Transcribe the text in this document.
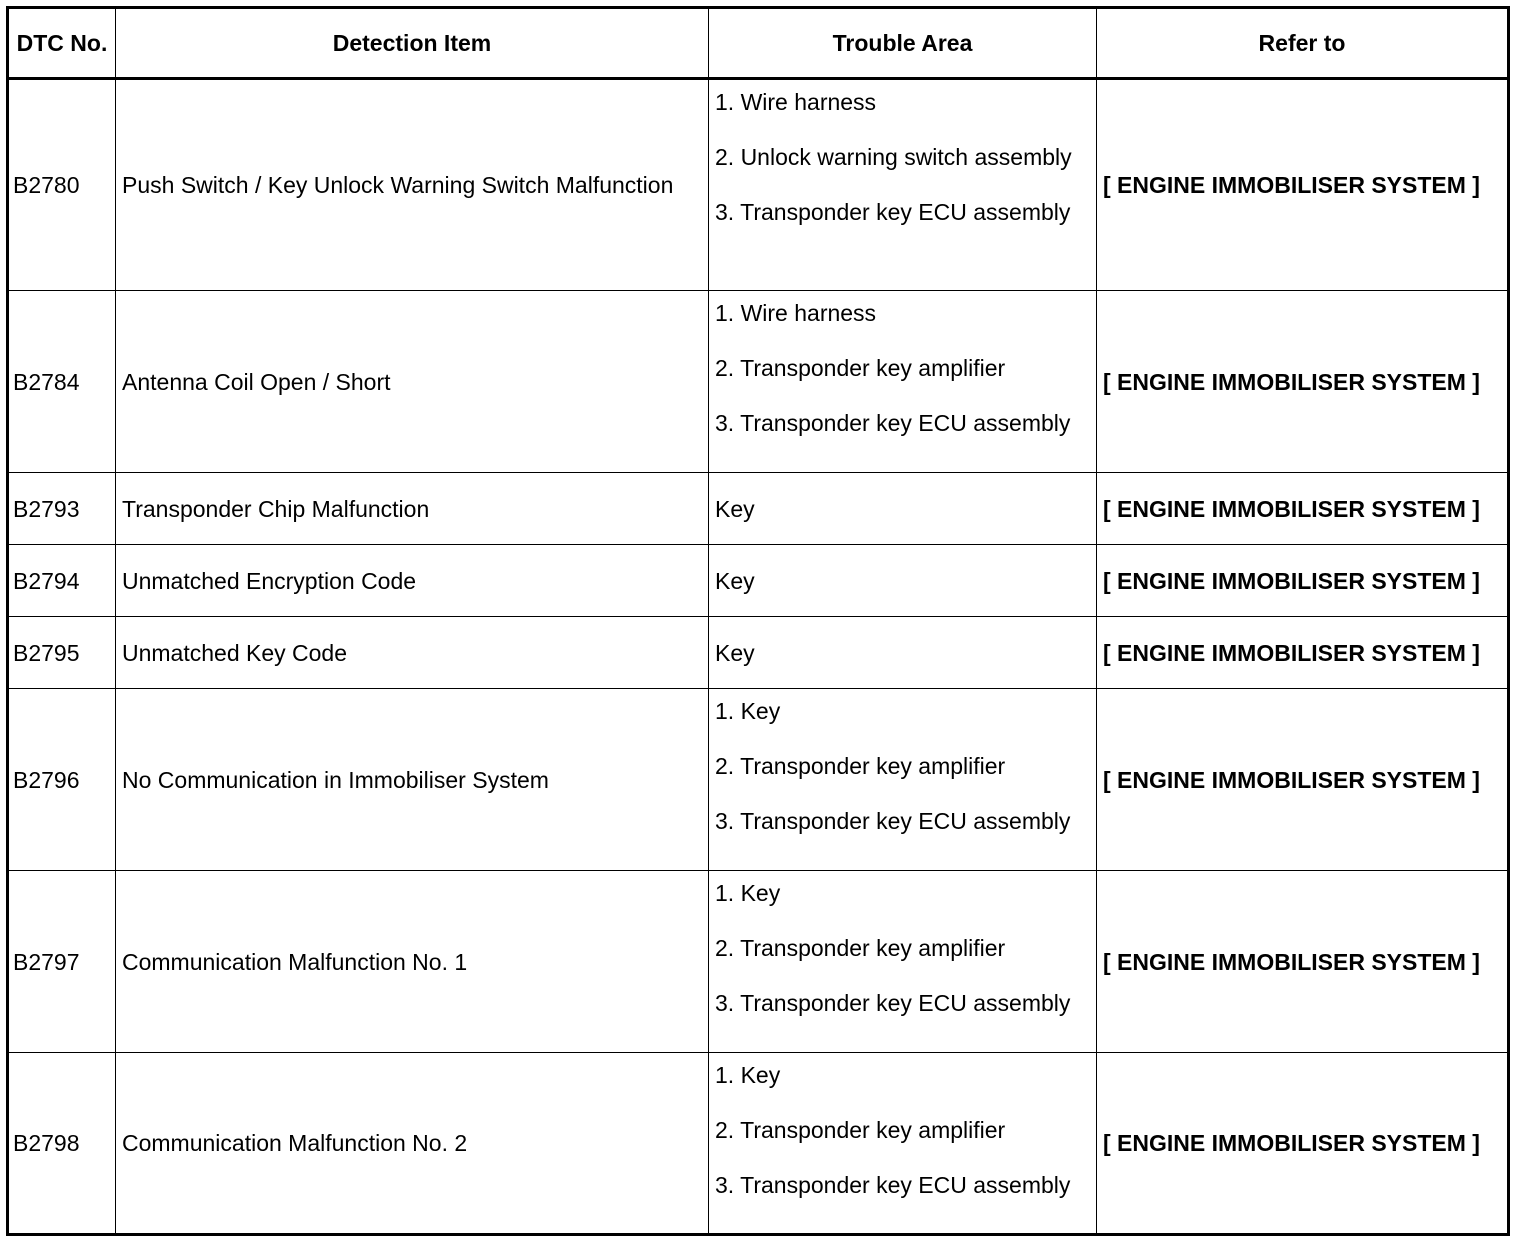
DTC No.	Detection Item	Trouble Area	Refer to
B2780	Push Switch / Key Unlock Warning Switch Malfunction	1. Wire harness
2. Unlock warning switch assembly
3. Transponder key ECU assembly	[ ENGINE IMMOBILISER SYSTEM ]
B2784	Antenna Coil Open / Short	1. Wire harness
2. Transponder key amplifier
3. Transponder key ECU assembly	[ ENGINE IMMOBILISER SYSTEM ]
B2793	Transponder Chip Malfunction	Key	[ ENGINE IMMOBILISER SYSTEM ]
B2794	Unmatched Encryption Code	Key	[ ENGINE IMMOBILISER SYSTEM ]
B2795	Unmatched Key Code	Key	[ ENGINE IMMOBILISER SYSTEM ]
B2796	No Communication in Immobiliser System	1. Key
2. Transponder key amplifier
3. Transponder key ECU assembly	[ ENGINE IMMOBILISER SYSTEM ]
B2797	Communication Malfunction No. 1	1. Key
2. Transponder key amplifier
3. Transponder key ECU assembly	[ ENGINE IMMOBILISER SYSTEM ]
B2798	Communication Malfunction No. 2	1. Key
2. Transponder key amplifier
3. Transponder key ECU assembly	[ ENGINE IMMOBILISER SYSTEM ]
